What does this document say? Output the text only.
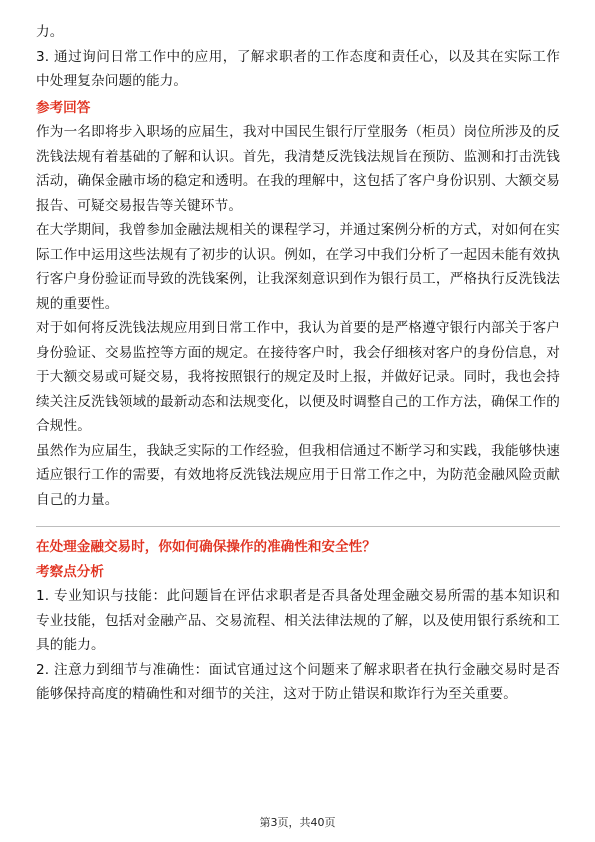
力。

3. 通过询问日常工作中的应用，了解求职者的工作态度和责任心，以及其在实际工作中处理复杂问题的能力。

参考回答

作为一名即将步入职场的应届生，我对中国民生银行厅堂服务（柜员）岗位所涉及的反洗钱法规有着基础的了解和认识。首先，我清楚反洗钱法规旨在预防、监测和打击洗钱活动，确保金融市场的稳定和透明。在我的理解中，这包括了客户身份识别、大额交易报告、可疑交易报告等关键环节。

在大学期间，我曾参加金融法规相关的课程学习，并通过案例分析的方式，对如何在实际工作中运用这些法规有了初步的认识。例如，在学习中我们分析了一起因未能有效执行客户身份验证而导致的洗钱案例，让我深刻意识到作为银行员工，严格执行反洗钱法规的重要性。

对于如何将反洗钱法规应用到日常工作中，我认为首要的是严格遵守银行内部关于客户身份验证、交易监控等方面的规定。在接待客户时，我会仔细核对客户的身份信息，对于大额交易或可疑交易，我将按照银行的规定及时上报，并做好记录。同时，我也会持续关注反洗钱领域的最新动态和法规变化，以便及时调整自己的工作方法，确保工作的合规性。

虽然作为应届生，我缺乏实际的工作经验，但我相信通过不断学习和实践，我能够快速适应银行工作的需要，有效地将反洗钱法规应用于日常工作之中，为防范金融风险贡献自己的力量。

在处理金融交易时，你如何确保操作的准确性和安全性？

考察点分析

1. 专业知识与技能：此问题旨在评估求职者是否具备处理金融交易所需的基本知识和专业技能，包括对金融产品、交易流程、相关法律法规的了解，以及使用银行系统和工具的能力。

2. 注意力到细节与准确性：面试官通过这个问题来了解求职者在执行金融交易时是否能够保持高度的精确性和对细节的关注，这对于防止错误和欺诈行为至关重要。

第3页，共40页
